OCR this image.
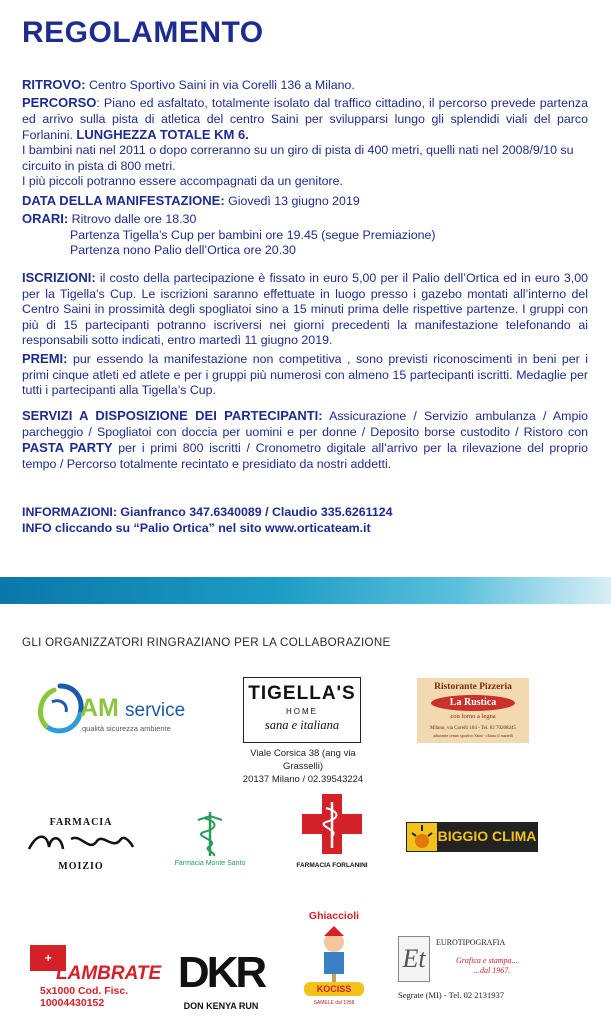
REGOLAMENTO
RITROVO: Centro Sportivo Saini in via Corelli 136 a Milano.
PERCORSO: Piano ed asfaltato, totalmente isolato dal traffico cittadino, il percorso prevede partenza ed arrivo sulla pista di atletica del centro Saini per svilupparsi lungo gli splendidi viali del parco Forlanini. LUNGHEZZA TOTALE KM 6.
I bambini nati nel 2011 o dopo correranno su un giro di pista di 400 metri, quelli nati nel 2008/9/10 su circuito in pista di 800 metri.
I più piccoli potranno essere accompagnati da un genitore.
DATA DELLA MANIFESTAZIONE: Giovedì 13 giugno 2019
ORARI: Ritrovo dalle ore 18.30
Partenza Tigella’s Cup per bambini ore 19.45 (segue Premiazione)
Partenza nono Palio dell’Ortica ore 20.30
ISCRIZIONI: il costo della partecipazione è fissato in euro 5,00 per il Palio dell’Ortica ed in euro 3,00 per la Tigella’s Cup. Le iscrizioni saranno effettuate in luogo presso i gazebo montati all’interno del Centro Saini in prossimità degli spogliatoi sino a 15 minuti prima delle rispettive partenze. I gruppi con più di 15 partecipanti potranno iscriversi nei giorni precedenti la manifestazione telefonando ai responsabili sotto indicati, entro martedì 11 giugno 2019.
PREMI: pur essendo la manifestazione non competitiva , sono previsti riconoscimenti in beni per i primi cinque atleti ed atlete e per i gruppi più numerosi con almeno 15 partecipanti iscritti. Medaglie per tutti i partecipanti alla Tigella’s Cup.
SERVIZI A DISPOSIZIONE DEI PARTECIPANTI: Assicurazione / Servizio ambulanza / Ampio parcheggio / Spogliatoi con doccia per uomini e per donne / Deposito borse custodito / Ristoro con PASTA PARTY per i primi 800 iscritti / Cronometro digitale all’arrivo per la rilevazione del proprio tempo / Percorso totalmente recintato e presidiato da nostri addetti.
INFORMAZIONI: Gianfranco 347.6340089 / Claudio 335.6261124
INFO cliccando su “Palio Ortica” nel sito www.orticateam.it
GLI ORGANIZZATORI RINGRAZIANO PER LA COLLABORAZIONE
AM service
qualità sicurezza ambiente
TIGELLA'S
HOME
sana e italiana
Viale Corsica 38 (ang via Grasselli)
20137 Milano / 02.39543224
Ristorante Pizzeria
La Rustica
con forno a legna
Milano, via Corelli 104 - Tel. 02 70208245
adiacente centro sportivo Saini - chiuso il martedì
FARMACIA
MOIZIO	Farmacia Monte Santo	FARMACIA FORLANINI
BIGGIO CLIMA
+
LAMBRATE
5x1000 Cod. Fisc.
10004430152
DKR
DON KENYA RUN
Ghiaccioli
KOCISS
SAMELE dal 1958
Et
EUROTIPOGRAFIA
Grafica e stampa...
...dal 1967.
Segrate (MI) - Tel. 02 2131937
